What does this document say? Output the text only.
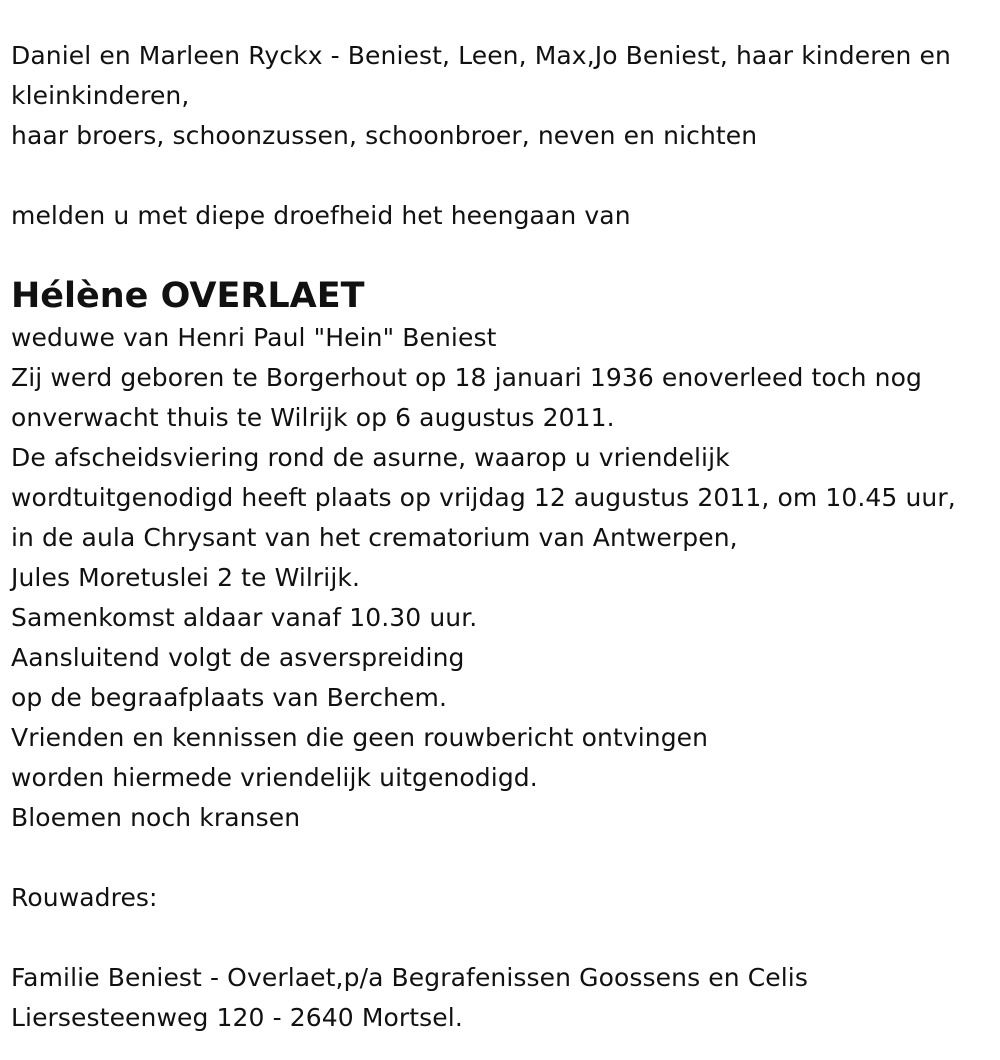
Daniel en Marleen Ryckx - Beniest, Leen, Max,Jo Beniest, haar kinderen en
kleinkinderen,
haar broers, schoonzussen, schoonbroer, neven en nichten
melden u met diepe droefheid het heengaan van
Hélène OVERLAET
weduwe van Henri Paul "Hein" Beniest
Zij werd geboren te Borgerhout op 18 januari 1936 enoverleed toch nog
onverwacht thuis te Wilrijk op 6 augustus 2011.
De afscheidsviering rond de asurne, waarop u vriendelijk
wordtuitgenodigd heeft plaats op vrijdag 12 augustus 2011, om 10.45 uur,
in de aula Chrysant van het crematorium van Antwerpen,
Jules Moretuslei 2 te Wilrijk.
Samenkomst aldaar vanaf 10.30 uur.
Aansluitend volgt de asverspreiding
op de begraafplaats van Berchem.
Vrienden en kennissen die geen rouwbericht ontvingen
worden hiermede vriendelijk uitgenodigd.
Bloemen noch kransen
Rouwadres:
Familie Beniest - Overlaet,p/a Begrafenissen Goossens en Celis
Liersesteenweg 120 - 2640 Mortsel.
